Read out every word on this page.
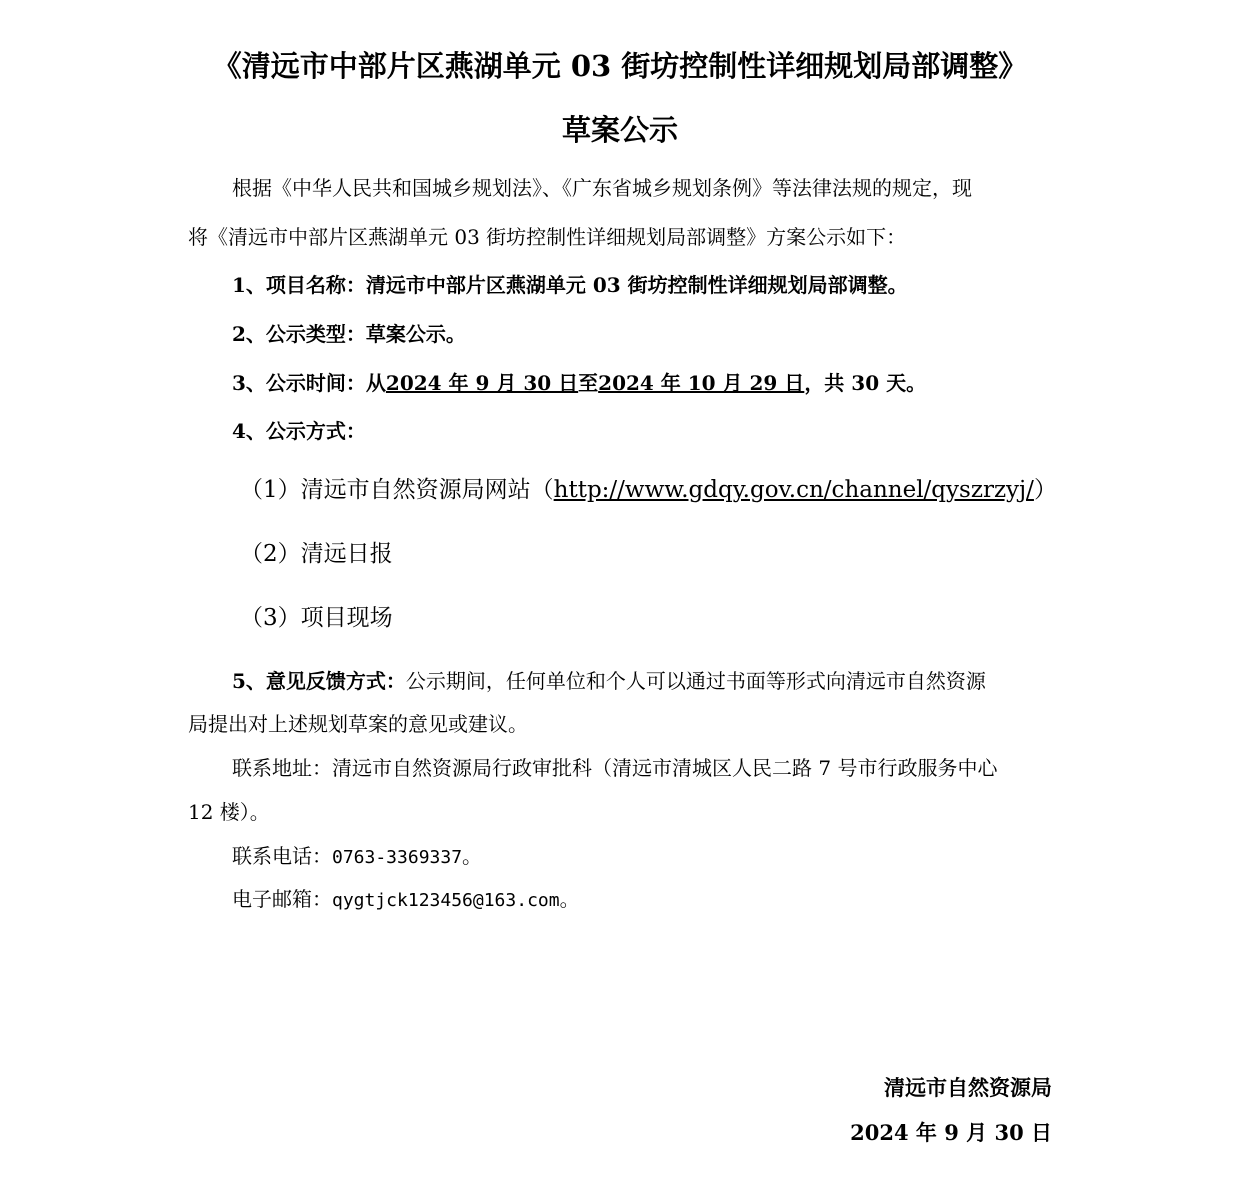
《清远市中部片区燕湖单元 03 街坊控制性详细规划局部调整》
草案公示
根据《中华人民共和国城乡规划法》、《广东省城乡规划条例》等法律法规的规定，现
将《清远市中部片区燕湖单元 03 街坊控制性详细规划局部调整》方案公示如下：
1、项目名称：清远市中部片区燕湖单元 03 街坊控制性详细规划局部调整。
2、公示类型：草案公示。
3、公示时间：从2024 年 9 月 30 日至2024 年 10 月 29 日，共 30 天。
4、公示方式：
（1）清远市自然资源局网站（http://www.gdqy.gov.cn/channel/qyszrzyj/）
（2）清远日报
（3）项目现场
5、意见反馈方式：公示期间，任何单位和个人可以通过书面等形式向清远市自然资源
局提出对上述规划草案的意见或建议。
联系地址：清远市自然资源局行政审批科（清远市清城区人民二路 7 号市行政服务中心
12 楼）。
联系电话：0763-3369337。
电子邮箱：qygtjck123456@163.com。
清远市自然资源局
2024 年 9 月 30 日
